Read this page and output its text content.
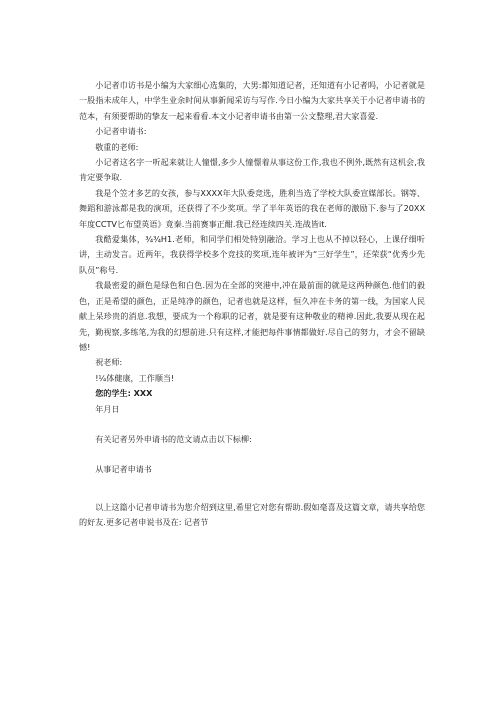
小记者巾访书是小编为大家细心选集的，大男:都知道记者，还知道有小记者吗，小记者就是一股指未成年人，中学生业余时间从事新闻采访与写作.今日小编为大家共享关于小记者申请书的范本，有须要帮助的挚友一起来看看.本文小记者申请书由第一公文整理,君大家喜爱.

小记者申请书:

敬重的老师:

小记者这名字一听起来就让人憧憬,多少人憧憬着从事这份工作,我也不例外,既然有这机会,我肯定要争取.

我是个笠才多艺的女孩，参与XXXX年大队委竞选，胜利当选了学校大队委宣媒部长。钢等、舞蹈和游泳都是我的演项，还获得了不少奖项。学了半年英语的我在老师的激励下.参与了20XX年度CCTV匕布望英语》竟秦.当前赛事正酣.我已经连续四关.连战皆it.

我酷爱集体，¾¾H1.老师，和同学们相处特别融洽。学习上也从不掉以轻心，上课仔细听讲，主动发言。近两年，我获得学校多个竞技的奖项,连年被评为“三好学生”，还荣获“优秀少先队员”称号.

我最密爱的颜色是绿色和白色.因为在全部的突港中,冲在最前面的就是这两种颜色.他们的毅色，正是希望的颜色，正是纯净的颜色，记者也就是这样，恒久冲在卡务的第一线，为国家人民献上呆珍贵的消息.我想，要成为一个称职的记者，就是要有这种敬业的精神.因此,我要从现在起先，勤视察,多练笔,为我的幻想前进.只有这样,才能把每件事情都做好.尽自己的努力，才会不留缺憾!

祝老师:

!¼体健康，工作顺当!

您的学生: XXX

年月日

有关记者另外申请书的范文请点击以下标柳:

从事记者申请书

以上这篇小记者申请书为您介绍到这里,希里它对您有帮助.假如毫喜及这篇文章，请共享给您的好友.更多记者申说书及在: 记者节
